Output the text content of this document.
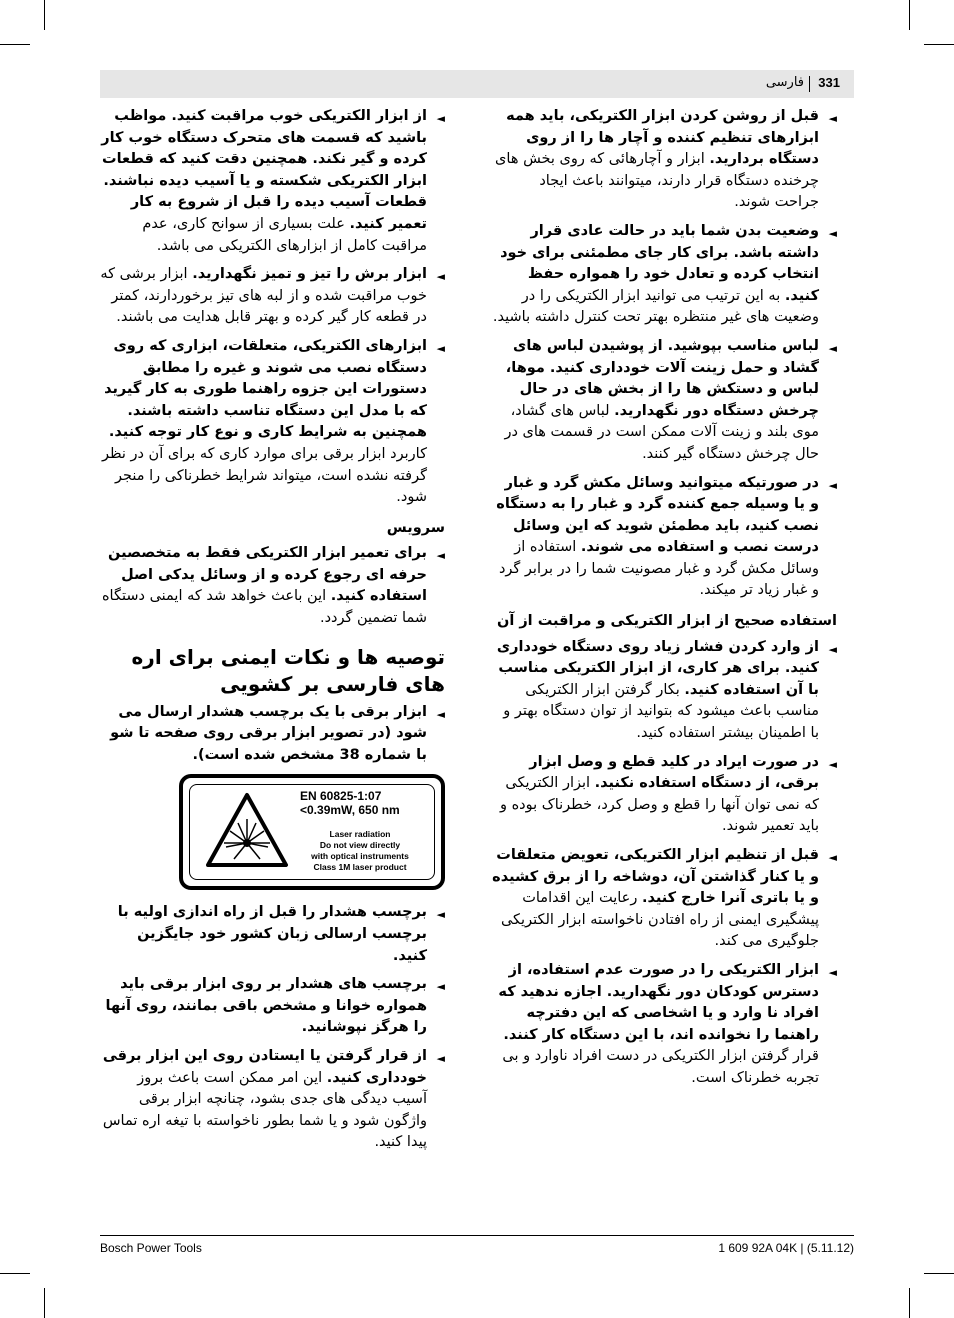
331
فارسی
◄
قبل از روشن کردن ابزار الکتریکی، باید همه ابزارهای تنظیم کننده و آچار ها را از روی دستگاه بردارید. ابزار و آچارهائی که روی بخش های چرخنده دستگاه قرار دارند، میتوانند باعث ایجاد جراحت شوند.
◄
وضعیت بدن شما باید در حالت عادی قرار داشته باشد. برای کار جای مطمئنی برای خود انتخاب کرده و تعادل خود را همواره حفظ کنید. به این ترتیب می توانید ابزار الکتریکی را در وضعیت های غیر منتظره بهتر تحت کنترل داشته باشید.
◄
لباس مناسب بپوشید. از پوشیدن لباس های گشاد و حمل زینت آلات خودداری کنید. موها، لباس و دستکش ها را از بخش های در حال چرخش دستگاه دور نگهدارید. لباس های گشاد، موی بلند و زینت آلات ممکن است در قسمت های در حال چرخش دستگاه گیر کنند.
◄
در صورتیکه میتوانید وسائل مکش گرد و غبار و یا وسیله جمع کننده گرد و غبار را به دستگاه نصب کنید، باید مطمئن شوید که این وسائل درست نصب و استفاده می شوند. استفاده از وسائل مکش گرد و غبار مصونیت شما را در برابر گرد و غبار زیاد تر میکند.
استفاده صحیح از ابزار الکتریکی و مراقبت از آن
◄
از وارد کردن فشار زیاد روی دستگاه خودداری کنید. برای هر کاری، از ابزار الکتریکی مناسب با آن استفاده کنید. بکار گرفتن ابزار الکتریکی مناسب باعث میشود که بتوانید از توان دستگاه بهتر و با اطمینان بیشتر استفاده کنید.
◄
در صورت ایراد در کلید قطع و وصل ابزار برقی، از دستگاه استفاده نکنید. ابزار الکتریکی که نمی توان آنها را قطع و وصل کرد، خطرناک بوده و باید تعمیر شوند.
◄
قبل از تنظیم ابزار الکتریکی، تعویض متعلقات و یا کنار گذاشتن آن، دوشاخه را از برق کشیده و یا باتری آنرا خارج کنید. رعایت این اقدامات پیشگیری ایمنی از راه افتادن ناخواسته ابزار الکتریکی جلوگیری می کند.
◄
ابزار الکتریکی را در صورت عدم استفاده، از دسترس کودکان دور نگهدارید. اجازه ندهید که افراد نا وارد و یا اشخاصی که این دفترچه راهنما را نخوانده اند، با این دستگاه کار کنند. قرار گرفتن ابزار الکتریکی در دست افراد ناوارد و بی تجربه خطرناک است.
◄
از ابزار الکتریکی خوب مراقبت کنید. مواظب باشید که قسمت های متحرک دستگاه خوب کار کرده و گیر نکند. همچنین دقت کنید که قطعات ابزار الکتریکی شکسته و یا آسیب دیده نباشند. قطعات آسیب دیده را قبل از شروع به کار تعمیر کنید. علت بسیاری از سوانح کاری، عدم مراقبت کامل از ابزارهای الکتریکی می باشد.
◄
ابزار برش را تیز و تمیز نگهدارید. ابزار برشی که خوب مراقبت شده و از لبه های تیز برخوردارند، کمتر در قطعه کار گیر کرده و بهتر قابل هدایت می باشند.
◄
ابزارهای الکتریکی، متعلقات، ابزاری که روی دستگاه نصب می شوند و غیره را مطابق دستورات این جزوه راهنما طوری به کار گیرید که با مدل این دستگاه تناسب داشته باشند. همچنین به شرایط کاری و نوع کار توجه کنید. کاربرد ابزار برقی برای موارد کاری که برای آن در نظر گرفته نشده است، میتواند شرایط خطرناکی را منجر شود.
سرویس
◄
برای تعمیر ابزار الکتریکی فقط به متخصصین حرفه ای رجوع کرده و از وسائل یدکی اصل استفاده کنید. این باعث خواهد شد که ایمنی دستگاه شما تضمین گردد.
توصیه ها و نکات ایمنی برای اره های فارسی بر کشویی
◄
ابزار برقی با یک برچسب هشدار ارسال می شود (در تصویر ابزار برقی روی صفحه تا شو با شماره 38 مشخص شده است).
EN 60825-1:07
<0.39mW, 650 nm
Laser radiation
Do not view directly
with optical instruments
Class 1M laser product
◄
برچسب هشدار را قبل از راه اندازی اولیه با برچسب ارسالی زبان کشور خود جایگزین کنید.
◄
برچسب های هشدار بر روی ابزار برقی باید همواره خوانا و مشخص باقی بمانند، روی آنها را هرگز نپوشانید.
◄
از قرار گرفتن یا ایستادن روی این ابزار برقی خودداری کنید. این امر ممکن است باعث بروز آسیب دیدگی های جدی بشود، چنانچه ابزار برقی واژگون شود و یا شما بطور ناخواسته با تیغه اره تماس پیدا کنید.
Bosch Power Tools	1 609 92A 04K | (5.11.12)
